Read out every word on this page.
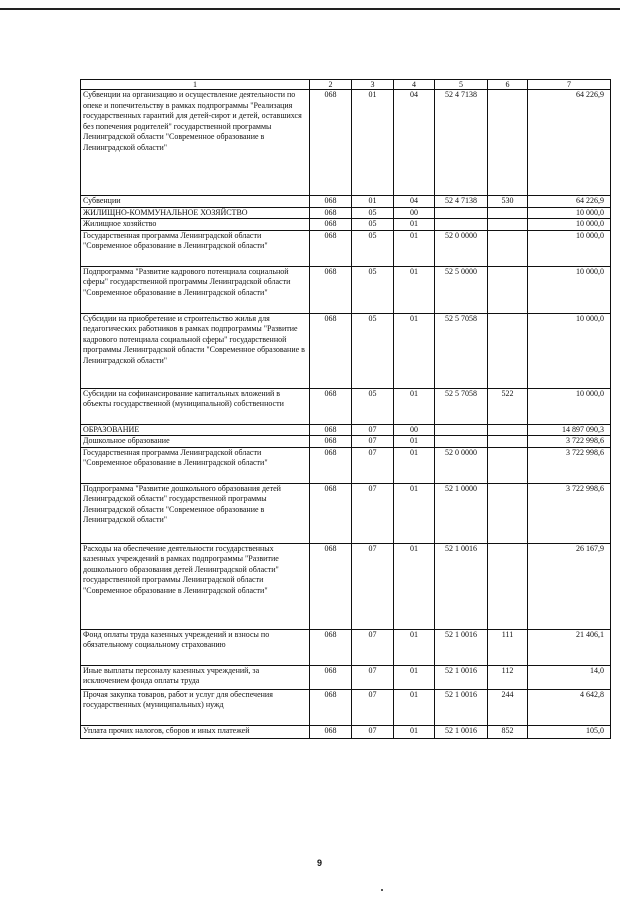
1	2	3	4	5	6	7
Субвенции на организацию и осуществление деятельности по опеке и попечительству в рамках подпрограммы "Реализация государственных гарантий для детей-сирот и детей, оставшихся без попечения родителей" государственной программы Ленинградской области "Современное образование в Ленинградской области"	068	01	04	52 4 7138		64 226,9
Субвенции	068	01	04	52 4 7138	530	64 226,9
ЖИЛИЩНО-КОММУНАЛЬНОЕ ХОЗЯЙСТВО	068	05	00			10 000,0
Жилищное хозяйство	068	05	01			10 000,0
Государственная программа Ленинградской области "Современное образование в Ленинградской области"	068	05	01	52 0 0000		10 000,0
Подпрограмма "Развитие кадрового потенциала социальной сферы" государственной программы Ленинградской области "Современное образование в Ленинградской области"	068	05	01	52 5 0000		10 000,0
Субсидии на приобретение и строительство жилья для педагогических работников в рамках подпрограммы "Развитие кадрового потенциала социальной сферы" государственной программы Ленинградской области "Современное образование в Ленинградской области"	068	05	01	52 5 7058		10 000,0
Субсидии на софинансирование капитальных вложений в объекты государственной (муниципальной) собственности	068	05	01	52 5 7058	522	10 000,0
ОБРАЗОВАНИЕ	068	07	00			14 897 090,3
Дошкольное образование	068	07	01			3 722 998,6
Государственная программа Ленинградской области "Современное образование в Ленинградской области"	068	07	01	52 0 0000		3 722 998,6
Подпрограмма "Развитие дошкольного образования детей Ленинградской области" государственной программы Ленинградской области "Современное образование в Ленинградской области"	068	07	01	52 1 0000		3 722 998,6
Расходы на обеспечение деятельности государственных казенных учреждений в рамках подпрограммы "Развитие дошкольного образования детей Ленинградской области" государственной программы Ленинградской области "Современное образование в Ленинградской области"	068	07	01	52 1 0016		26 167,9
Фонд оплаты труда казенных учреждений и взносы по обязательному социальному страхованию	068	07	01	52 1 0016	111	21 406,1
Иные выплаты персоналу казенных учреждений, за исключением фонда оплаты труда	068	07	01	52 1 0016	112	14,0
Прочая закупка товаров, работ и услуг для обеспечения государственных (муниципальных) нужд	068	07	01	52 1 0016	244	4 642,8
Уплата прочих налогов, сборов и иных платежей	068	07	01	52 1 0016	852	105,0
9
